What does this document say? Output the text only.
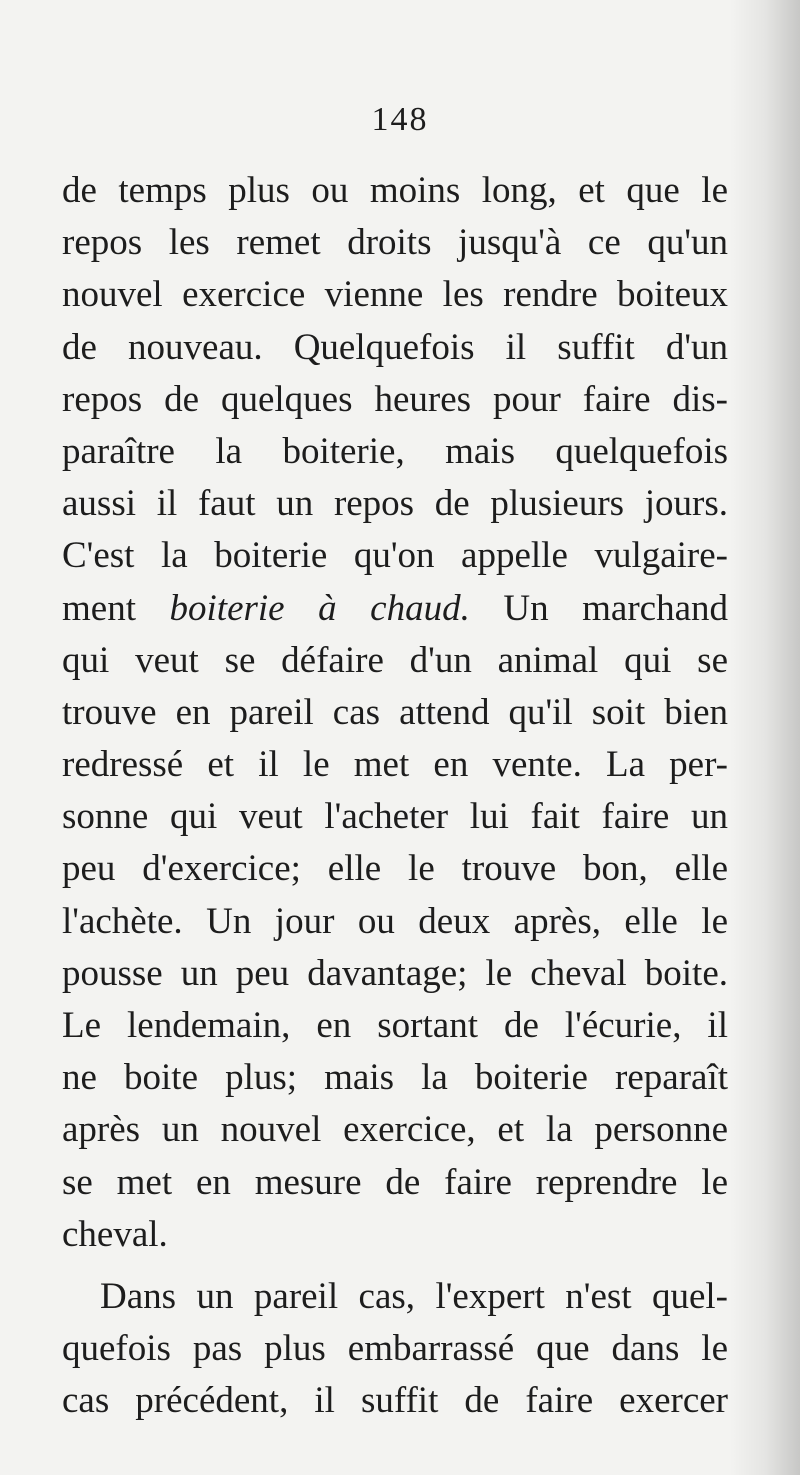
148
de temps plus ou moins long, et que le
repos les remet droits jusqu'à ce qu'un
nouvel exercice vienne les rendre boiteux
de nouveau. Quelquefois il suffit d'un
repos de quelques heures pour faire dis-
paraître la boiterie, mais quelquefois
aussi il faut un repos de plusieurs jours.
C'est la boiterie qu'on appelle vulgaire-
ment boiterie à chaud. Un marchand
qui veut se défaire d'un animal qui se
trouve en pareil cas attend qu'il soit bien
redressé et il le met en vente. La per-
sonne qui veut l'acheter lui fait faire un
peu d'exercice; elle le trouve bon, elle
l'achète. Un jour ou deux après, elle le
pousse un peu davantage; le cheval boite.
Le lendemain, en sortant de l'écurie, il
ne boite plus; mais la boiterie reparaît
après un nouvel exercice, et la personne
se met en mesure de faire reprendre le
cheval.
Dans un pareil cas, l'expert n'est quel-
quefois pas plus embarrassé que dans le
cas précédent, il suffit de faire exercer
